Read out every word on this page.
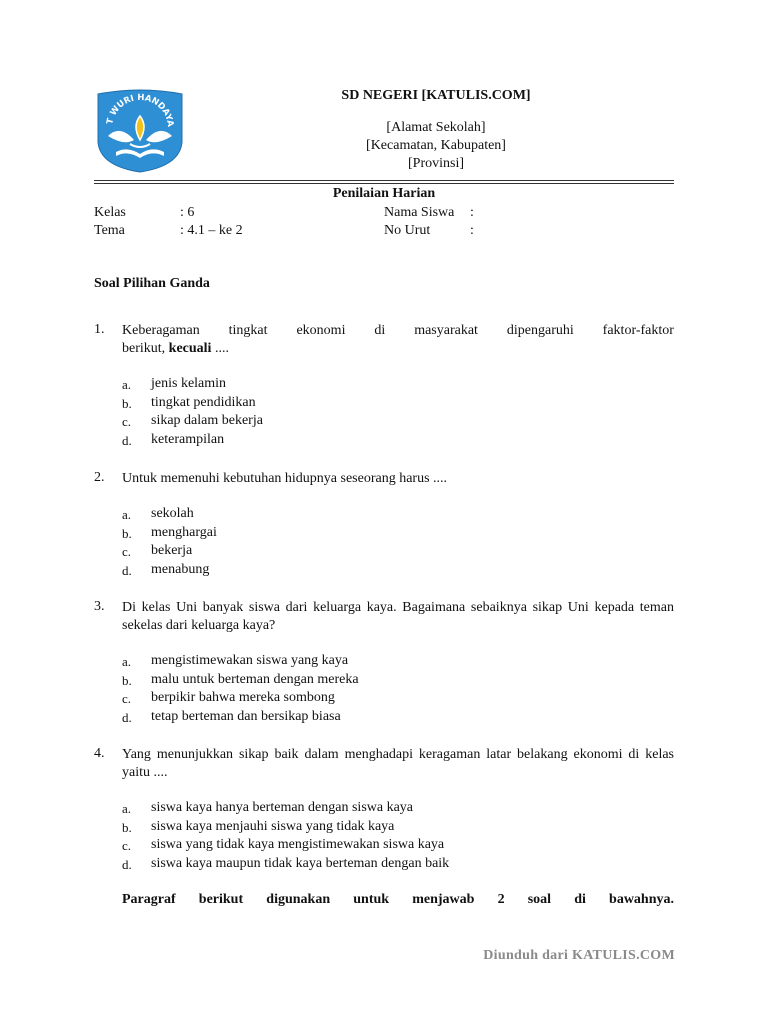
T WURI HANDAYA
SD NEGERI [KATULIS.COM]
[Alamat Sekolah]
[Kecamatan, Kabupaten]
[Provinsi]
Penilaian Harian
Kelas	: 6
Tema	: 4.1 – ke 2
Nama Siswa :
No Urut	:
Soal Pilihan Ganda
1. Keberagaman tingkat ekonomi di masyarakat dipengaruhi faktor-faktor
berikut, kecuali ....
a. jenis kelamin
b. tingkat pendidikan
c. sikap dalam bekerja
d. keterampilan
2. Untuk memenuhi kebutuhan hidupnya seseorang harus ....
a. sekolah
b. menghargai
c. bekerja
d. menabung
3. Di kelas Uni banyak siswa dari keluarga kaya. Bagaimana sebaiknya sikap Uni kepada teman sekelas dari keluarga kaya?
a. mengistimewakan siswa yang kaya
b. malu untuk berteman dengan mereka
c. berpikir bahwa mereka sombong
d. tetap berteman dan bersikap biasa
4. Yang menunjukkan sikap baik dalam menghadapi keragaman latar belakang ekonomi di kelas yaitu ....
a. siswa kaya hanya berteman dengan siswa kaya
b. siswa kaya menjauhi siswa yang tidak kaya
c. siswa yang tidak kaya mengistimewakan siswa kaya
d. siswa kaya maupun tidak kaya berteman dengan baik
Paragraf berikut digunakan untuk menjawab 2 soal di bawahnya.
Diunduh dari KATULIS.COM
